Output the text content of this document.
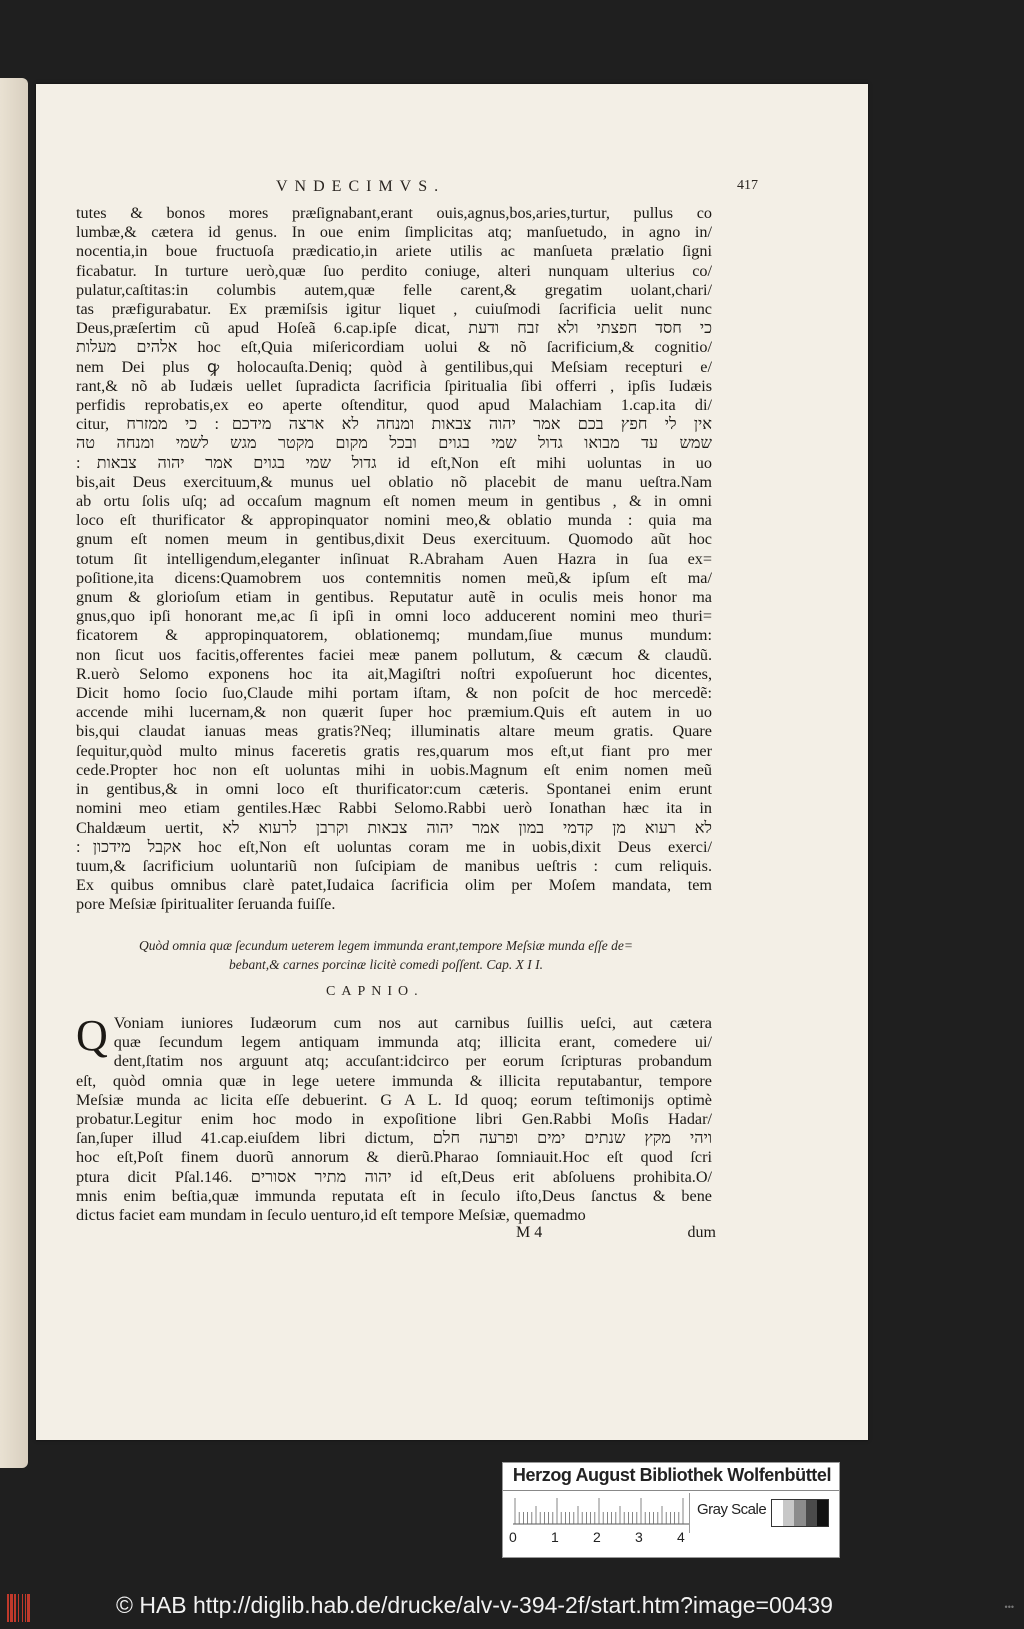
VNDECIMVS.	417
tutes & bonos mores præſignabant,erant ouis,agnus,bos,aries,turtur, pullus co
lumbæ,& cætera id genus. In oue enim ſimplicitas atq; manſuetudo, in agno in/
nocentia,in boue fructuoſa prædicatio,in ariete utilis ac manſueta prælatio ſigni
ficabatur. In turture uerò,quæ ſuo perdito coniuge, alteri nunquam ulterius co/
pulatur,caſtitas:in columbis autem,quæ felle carent,& gregatim uolant,chari/
tas præfigurabatur. Ex præmiſsis igitur liquet , cuiuſmodi ſacrificia uelit nunc
Deus,præſertim cũ apud Hoſeã 6.cap.ipſe dicat, כי חסד חפצתי ולא זבח ודעת
אלהים מעלות hoc eſt,Quia miſericordiam uolui & nõ ſacrificium,& cognitio/
nem Dei plus ꝙ holocauſta.Deniq; quòd à gentilibus,qui Meſsiam recepturi e/
rant,& nõ ab Iudæis uellet ſupradicta ſacrificia ſpiritualia ſibi offerri , ipſis Iudæis
perfidis reprobatis,ex eo aperte oſtenditur, quod apud Malachiam 1.cap.ita di/
citur, אין לי חפץ בכם אמר יהוה צבאות ומנחה לא ארצה מידכם ׃ כי ממזרח
שמש עד מבואו גדול שמי בגוים ובכל מקום מקטר מגש לשמי ומנחה טה
גדול שמי בגוים אמר יהוה צבאות ׃ id eſt,Non eſt mihi uoluntas in uo
bis,ait Deus exercituum,& munus uel oblatio nõ placebit de manu ueſtra.Nam
ab ortu ſolis uſq; ad occaſum magnum eſt nomen meum in gentibus , & in omni
loco eſt thurificator & appropinquator nomini meo,& oblatio munda : quia ma
gnum eſt nomen meum in gentibus,dixit Deus exercituum. Quomodo aũt hoc
totum ſit intelligendum,eleganter inſinuat R.Abraham Auen Hazra in ſua ex=
poſitione,ita dicens:Quamobrem uos contemnitis nomen meũ,& ipſum eſt ma/
gnum & glorioſum etiam in gentibus. Reputatur autẽ in oculis meis honor ma
gnus,quo ipſi honorant me,ac ſi ipſi in omni loco adducerent nomini meo thuri=
ficatorem & appropinquatorem, oblationemq; mundam,ſiue munus mundum:
non ſicut uos facitis,offerentes faciei meæ panem pollutum, & cæcum & claudũ.
R.uerò Selomo exponens hoc ita ait,Magiſtri noſtri expoſuerunt hoc dicentes,
Dicit homo ſocio ſuo,Claude mihi portam iſtam, & non poſcit de hoc mercedẽ:
accende mihi lucernam,& non quærit ſuper hoc præmium.Quis eſt autem in uo
bis,qui claudat ianuas meas gratis?Neq; illuminatis altare meum gratis. Quare
ſequitur,quòd multo minus faceretis gratis res,quarum mos eſt,ut fiant pro mer
cede.Propter hoc non eſt uoluntas mihi in uobis.Magnum eſt enim nomen meũ
in gentibus,& in omni loco eſt thurificator:cum cæteris. Spontanei enim erunt
nomini meo etiam gentiles.Hæc Rabbi Selomo.Rabbi uerò Ionathan hæc ita in
Chaldæum uertit, לא רעוא מן קדמי במון אמר יהוה צבאות וקרבן לרעוא לא
אקבל מידכון ׃ hoc eſt,Non eſt uoluntas coram me in uobis,dixit Deus exerci/
tuum,& ſacrificium uoluntariũ non ſuſcipiam de manibus ueſtris : cum reliquis.
Ex quibus omnibus clarè patet,Iudaica ſacrificia olim per Moſem mandata, tem
pore Meſsiæ ſpiritualiter ſeruanda fuiſſe.
Quòd omnia quæ ſecundum ueterem legem immunda erant,tempore Meſsiæ munda eſſe de=
bebant,& carnes porcinæ licitè comedi poſſent. Cap. X I I.
CAPNIO.
Q Voniam iuniores Iudæorum cum nos aut carnibus ſuillis ueſci, aut cætera
quæ ſecundum legem antiquam immunda atq; illicita erant, comedere ui/
dent,ſtatim nos arguunt atq; accuſant:idcirco per eorum ſcripturas probandum
eſt, quòd omnia quæ in lege uetere immunda & illicita reputabantur, tempore
Meſsiæ munda ac licita eſſe debuerint. G A L. Id quoq; eorum teſtimonijs optimè
probatur.Legitur enim hoc modo in expoſitione libri Gen.Rabbi Moſis Hadar/
ſan,ſuper illud 41.cap.eiuſdem libri dictum, ויהי מקץ שנתים ימים ופרעה חלם
hoc eſt,Poſt finem duorũ annorum & dierũ.Pharao ſomniauit.Hoc eſt quod ſcri
ptura dicit Pſal.146. יהוה מתיר אסורים id eſt,Deus erit abſoluens prohibita.O/
mnis enim beſtia,quæ immunda reputata eſt in ſeculo iſto,Deus ſanctus & bene
dictus faciet eam mundam in ſeculo uenturo,id eſt tempore Meſsiæ, quemadmo
M 4	dum
Herzog August Bibliothek Wolfenbüttel
0 1 2 3 4
Gray Scale
© HAB http://diglib.hab.de/drucke/alv-v-394-2f/start.htm?image=00439	•••
